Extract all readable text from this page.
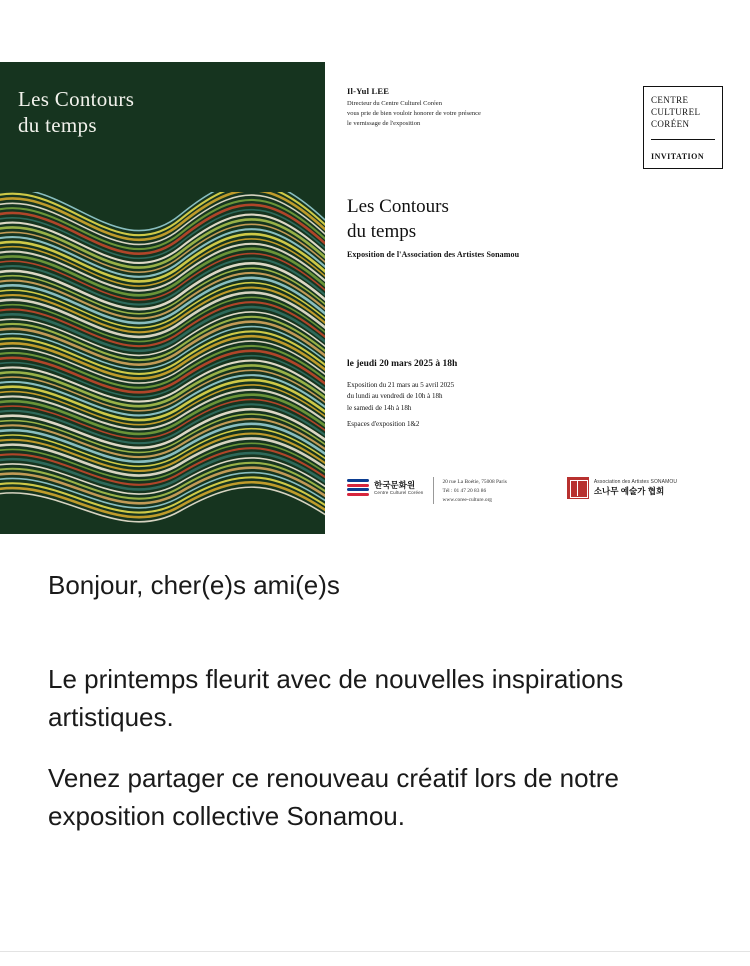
Les Contours
du temps
Il-Yul LEE
Directeur du Centre Culturel Coréen
vous prie de bien vouloir honorer de votre présence
le vernissage de l'exposition
CENTRE
CULTUREL
CORÉEN
INVITATION
Les Contours
du temps
Exposition de l'Association des Artistes Sonamou
le jeudi 20 mars 2025 à 18h
Exposition du 21 mars au 5 avril 2025
du lundi au vendredi de 10h à 18h
le samedi de 14h à 18h
Espaces d'exposition 1&2
한국문화원
Centre Culturel Coréen
20 rue La Boétie, 75008 Paris
Tél : 01 47 20 83 86
www.coree-culture.org
Association des Artistes SONAMOU
소나무 예술가 협회

Bonjour, cher(e)s ami(e)s

Le printemps fleurit avec de nouvelles inspirations artistiques.

Venez partager ce renouveau créatif lors de notre exposition collective Sonamou.
